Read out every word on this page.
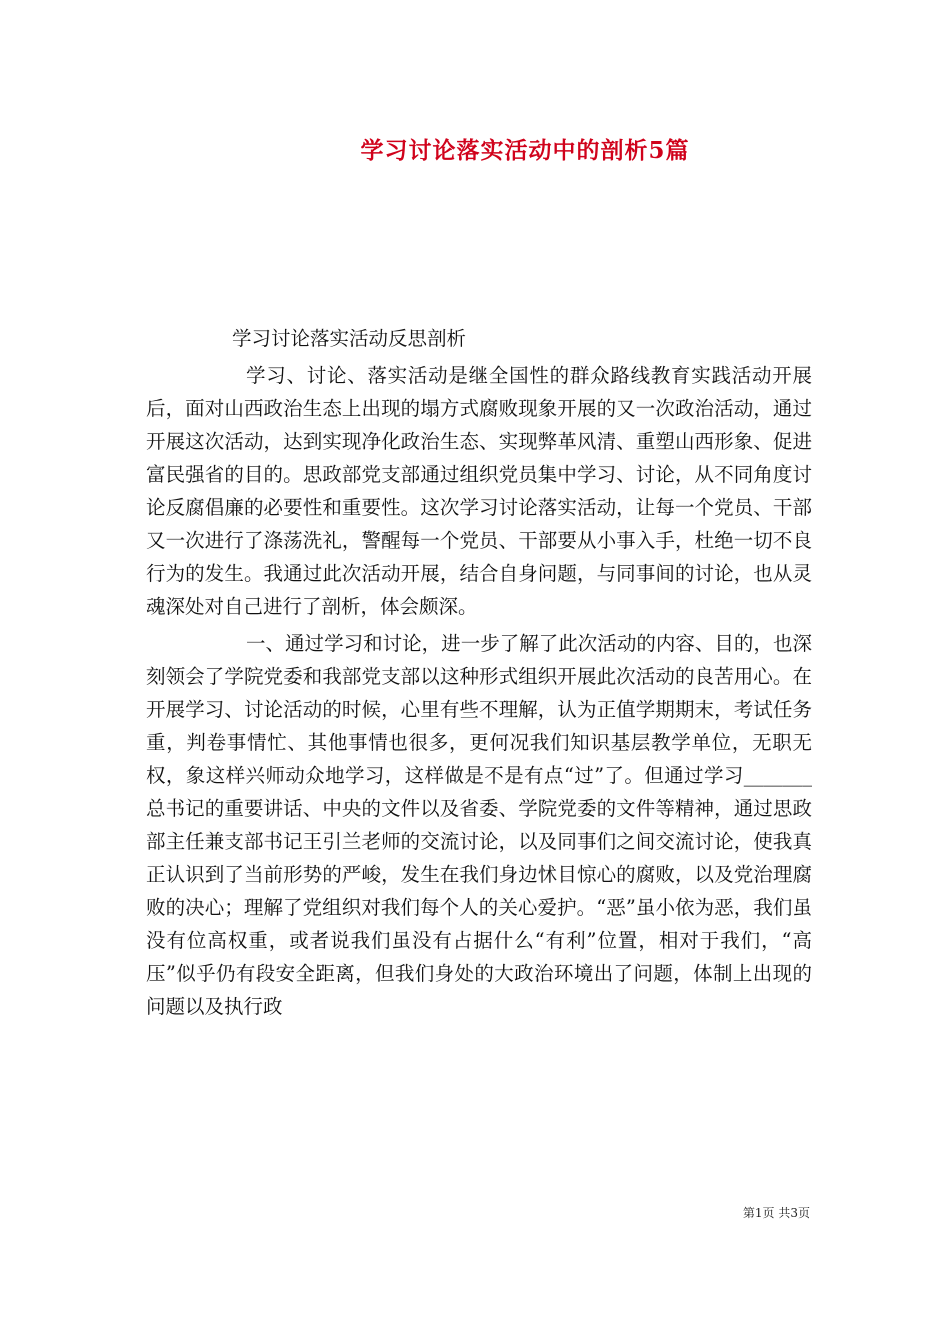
学习讨论落实活动中的剖析5篇

学习讨论落实活动反思剖析

学习、讨论、落实活动是继全国性的群众路线教育实践活动开展后，面对山西政治生态上出现的塌方式腐败现象开展的又一次政治活动，通过开展这次活动，达到实现净化政治生态、实现弊革风清、重塑山西形象、促进富民强省的目的。思政部党支部通过组织党员集中学习、讨论，从不同角度讨论反腐倡廉的必要性和重要性。这次学习讨论落实活动，让每一个党员、干部又一次进行了涤荡洗礼，警醒每一个党员、干部要从小事入手，杜绝一切不良行为的发生。我通过此次活动开展，结合自身问题，与同事间的讨论，也从灵魂深处对自己进行了剖析，体会颇深。

一、通过学习和讨论，进一步了解了此次活动的内容、目的，也深刻领会了学院党委和我部党支部以这种形式组织开展此次活动的良苦用心。在开展学习、讨论活动的时候，心里有些不理解，认为正值学期期末，考试任务重，判卷事情忙、其他事情也很多，更何况我们知识基层教学单位，无职无权，象这样兴师动众地学习，这样做是不是有点“过”了。但通过学习_______总书记的重要讲话、中央的文件以及省委、学院党委的文件等精神，通过思政部主任兼支部书记王引兰老师的交流讨论，以及同事们之间交流讨论，使我真正认识到了当前形势的严峻，发生在我们身边怵目惊心的腐败，以及党治理腐败的决心；理解了党组织对我们每个人的关心爱护。“恶”虽小依为恶，我们虽没有位高权重，或者说我们虽没有占据什么“有利”位置，相对于我们，“高压”似乎仍有段安全距离，但我们身处的大政治环境出了问题，体制上出现的问题以及执行政

第1页 共3页
